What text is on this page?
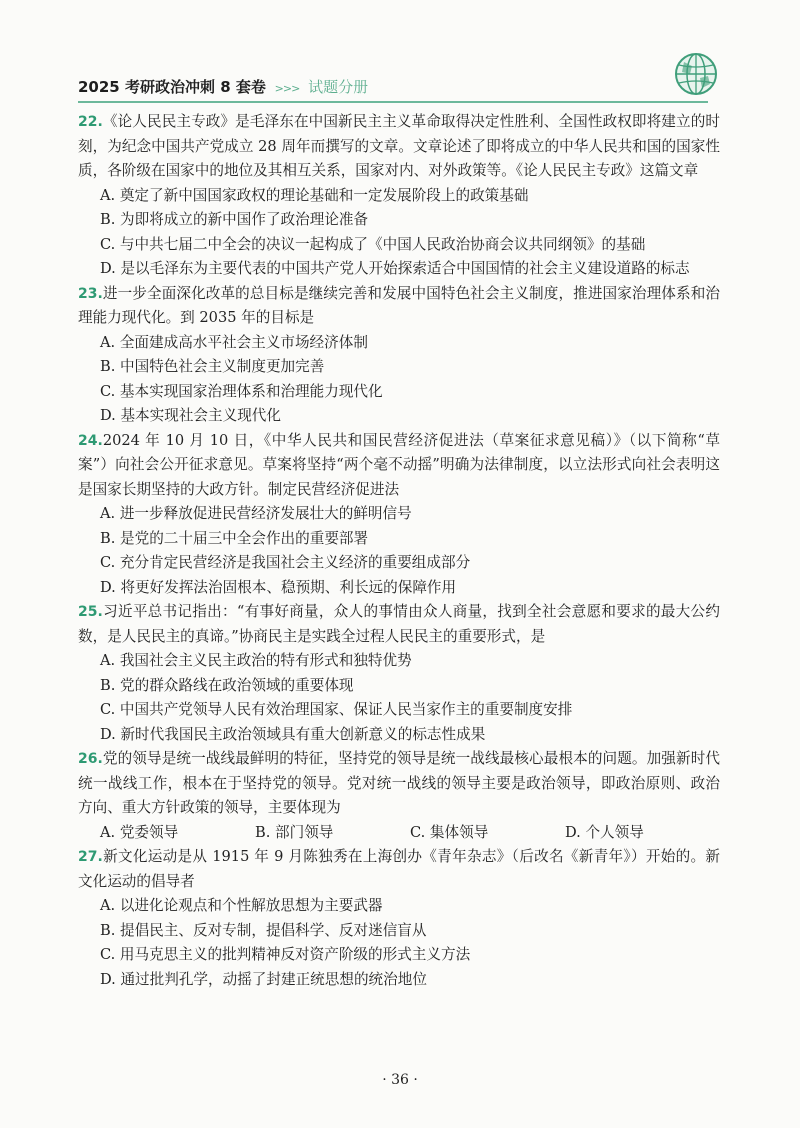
2025 考研政治冲刺 8 套卷 >>> 试题分册
22.《论人民民主专政》是毛泽东在中国新民主主义革命取得决定性胜利、全国性政权即将建立的时刻，为纪念中国共产党成立 28 周年而撰写的文章。文章论述了即将成立的中华人民共和国的国家性质，各阶级在国家中的地位及其相互关系，国家对内、对外政策等。《论人民民主专政》这篇文章
A. 奠定了新中国国家政权的理论基础和一定发展阶段上的政策基础
B. 为即将成立的新中国作了政治理论准备
C. 与中共七届二中全会的决议一起构成了《中国人民政治协商会议共同纲领》的基础
D. 是以毛泽东为主要代表的中国共产党人开始探索适合中国国情的社会主义建设道路的标志
23.进一步全面深化改革的总目标是继续完善和发展中国特色社会主义制度，推进国家治理体系和治理能力现代化。到 2035 年的目标是
A. 全面建成高水平社会主义市场经济体制
B. 中国特色社会主义制度更加完善
C. 基本实现国家治理体系和治理能力现代化
D. 基本实现社会主义现代化
24.2024 年 10 月 10 日，《中华人民共和国民营经济促进法（草案征求意见稿）》（以下简称“草案”）向社会公开征求意见。草案将坚持“两个毫不动摇”明确为法律制度，以立法形式向社会表明这是国家长期坚持的大政方针。制定民营经济促进法
A. 进一步释放促进民营经济发展壮大的鲜明信号
B. 是党的二十届三中全会作出的重要部署
C. 充分肯定民营经济是我国社会主义经济的重要组成部分
D. 将更好发挥法治固根本、稳预期、利长远的保障作用
25.习近平总书记指出：“有事好商量，众人的事情由众人商量，找到全社会意愿和要求的最大公约数，是人民民主的真谛。”协商民主是实践全过程人民民主的重要形式，是
A. 我国社会主义民主政治的特有形式和独特优势
B. 党的群众路线在政治领域的重要体现
C. 中国共产党领导人民有效治理国家、保证人民当家作主的重要制度安排
D. 新时代我国民主政治领域具有重大创新意义的标志性成果
26.党的领导是统一战线最鲜明的特征，坚持党的领导是统一战线最核心最根本的问题。加强新时代统一战线工作，根本在于坚持党的领导。党对统一战线的领导主要是政治领导，即政治原则、政治方向、重大方针政策的领导，主要体现为
A. 党委领导	B. 部门领导	C. 集体领导	D. 个人领导
27.新文化运动是从 1915 年 9 月陈独秀在上海创办《青年杂志》（后改名《新青年》）开始的。新文化运动的倡导者
A. 以进化论观点和个性解放思想为主要武器
B. 提倡民主、反对专制，提倡科学、反对迷信盲从
C. 用马克思主义的批判精神反对资产阶级的形式主义方法
D. 通过批判孔学，动摇了封建正统思想的统治地位
· 36 ·
